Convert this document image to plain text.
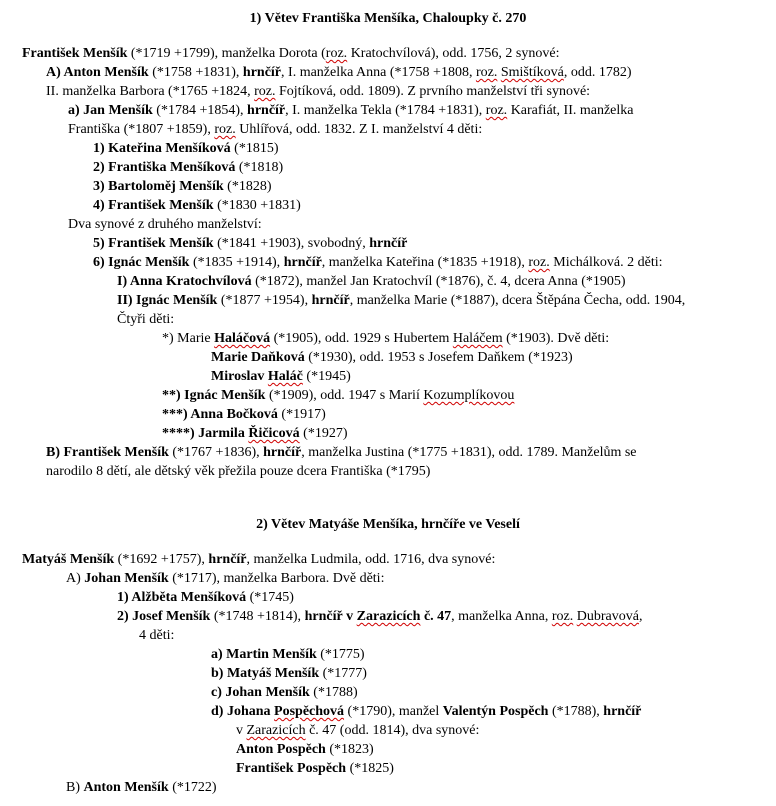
1) Větev Františka Menšíka, Chaloupky č. 270
František Menšík (*1719 +1799), manželka Dorota (roz. Kratochvílová), odd. 1756, 2 synové:
A) Anton Menšík (*1758 +1831), hrnčíř, I. manželka Anna (*1758 +1808, roz. Smištíková, odd. 1782)
II. manželka Barbora (*1765 +1824, roz. Fojtíková, odd. 1809). Z prvního manželství tři synové:
a) Jan Menšík (*1784 +1854), hrnčíř, I. manželka Tekla (*1784 +1831), roz. Karafiát, II. manželka
Františka (*1807 +1859), roz. Uhlířová, odd. 1832. Z I. manželství 4 děti:
1) Kateřina Menšíková (*1815)
2) Františka Menšíková (*1818)
3) Bartoloměj Menšík (*1828)
4) František Menšík (*1830 +1831)
Dva synové z druhého manželství:
5) František Menšík (*1841 +1903), svobodný, hrnčíř
6) Ignác Menšík (*1835 +1914), hrnčíř, manželka Kateřina (*1835 +1918), roz. Michálková. 2 děti:
I) Anna Kratochvílová (*1872), manžel Jan Kratochvíl (*1876), č. 4, dcera Anna (*1905)
II) Ignác Menšík (*1877 +1954), hrnčíř, manželka Marie (*1887), dcera Štěpána Čecha, odd. 1904,
Čtyři děti:
*) Marie Haláčová (*1905), odd. 1929 s Hubertem Haláčem (*1903). Dvě děti:
Marie Daňková (*1930), odd. 1953 s Josefem Daňkem (*1923)
Miroslav Haláč (*1945)
**) Ignác Menšík (*1909), odd. 1947 s Marií Kozumplíkovou
***) Anna Bočková (*1917)
****) Jarmila Řičicová (*1927)
B) František Menšík (*1767 +1836), hrnčíř, manželka Justina (*1775 +1831), odd. 1789. Manželům se
narodilo 8 dětí, ale dětský věk přežila pouze dcera Františka (*1795)
2) Větev Matyáše Menšíka, hrnčíře ve Veselí
Matyáš Menšík (*1692 +1757), hrnčíř, manželka Ludmila, odd. 1716, dva synové:
A) Johan Menšík (*1717), manželka Barbora. Dvě děti:
1) Alžběta Menšíková (*1745)
2) Josef Menšík (*1748 +1814), hrnčíř v Zarazicích č. 47, manželka Anna, roz. Dubravová,
4 děti:
a) Martin Menšík (*1775)
b) Matyáš Menšík (*1777)
c) Johan Menšík (*1788)
d) Johana Pospěchová (*1790), manžel Valentýn Pospěch (*1788), hrnčíř
v Zarazicích č. 47 (odd. 1814), dva synové:
Anton Pospěch (*1823)
František Pospěch (*1825)
B) Anton Menšík (*1722)
